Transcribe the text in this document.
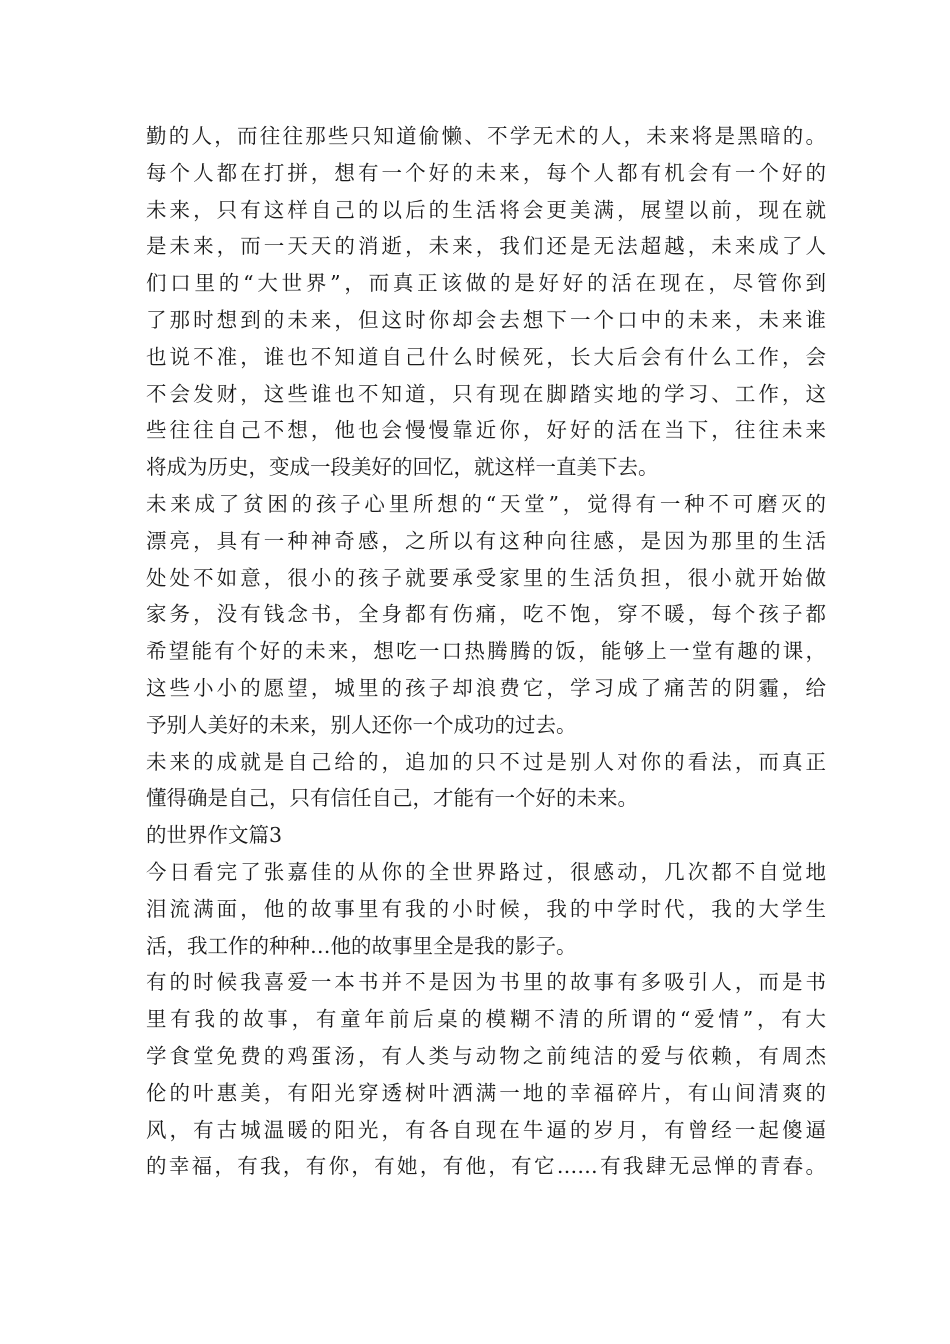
勤的人，而往往那些只知道偷懒、不学无术的人，未来将是黑暗的。
每个人都在打拼，想有一个好的未来，每个人都有机会有一个好的
未来，只有这样自己的以后的生活将会更美满，展望以前，现在就
是未来，而一天天的消逝，未来，我们还是无法超越，未来成了人
们口里的“大世界”，而真正该做的是好好的活在现在，尽管你到
了那时想到的未来，但这时你却会去想下一个口中的未来，未来谁
也说不准，谁也不知道自己什么时候死，长大后会有什么工作，会
不会发财，这些谁也不知道，只有现在脚踏实地的学习、工作，这
些往往自己不想，他也会慢慢靠近你，好好的活在当下，往往未来
将成为历史，变成一段美好的回忆，就这样一直美下去。
未来成了贫困的孩子心里所想的“天堂”，觉得有一种不可磨灭的
漂亮，具有一种神奇感，之所以有这种向往感，是因为那里的生活
处处不如意，很小的孩子就要承受家里的生活负担，很小就开始做
家务，没有钱念书，全身都有伤痛，吃不饱，穿不暖，每个孩子都
希望能有个好的未来，想吃一口热腾腾的饭，能够上一堂有趣的课，
这些小小的愿望，城里的孩子却浪费它，学习成了痛苦的阴霾，给
予别人美好的未来，别人还你一个成功的过去。
未来的成就是自己给的，追加的只不过是别人对你的看法，而真正
懂得确是自己，只有信任自己，才能有一个好的未来。
的世界作文篇3
今日看完了张嘉佳的从你的全世界路过，很感动，几次都不自觉地
泪流满面，他的故事里有我的小时候，我的中学时代，我的大学生
活，我工作的种种…他的故事里全是我的影子。
有的时候我喜爱一本书并不是因为书里的故事有多吸引人，而是书
里有我的故事，有童年前后桌的模糊不清的所谓的“爱情”，有大
学食堂免费的鸡蛋汤，有人类与动物之前纯洁的爱与依赖，有周杰
伦的叶惠美，有阳光穿透树叶洒满一地的幸福碎片，有山间清爽的
风，有古城温暖的阳光，有各自现在牛逼的岁月，有曾经一起傻逼
的幸福，有我，有你，有她，有他，有它……有我肆无忌惮的青春。
